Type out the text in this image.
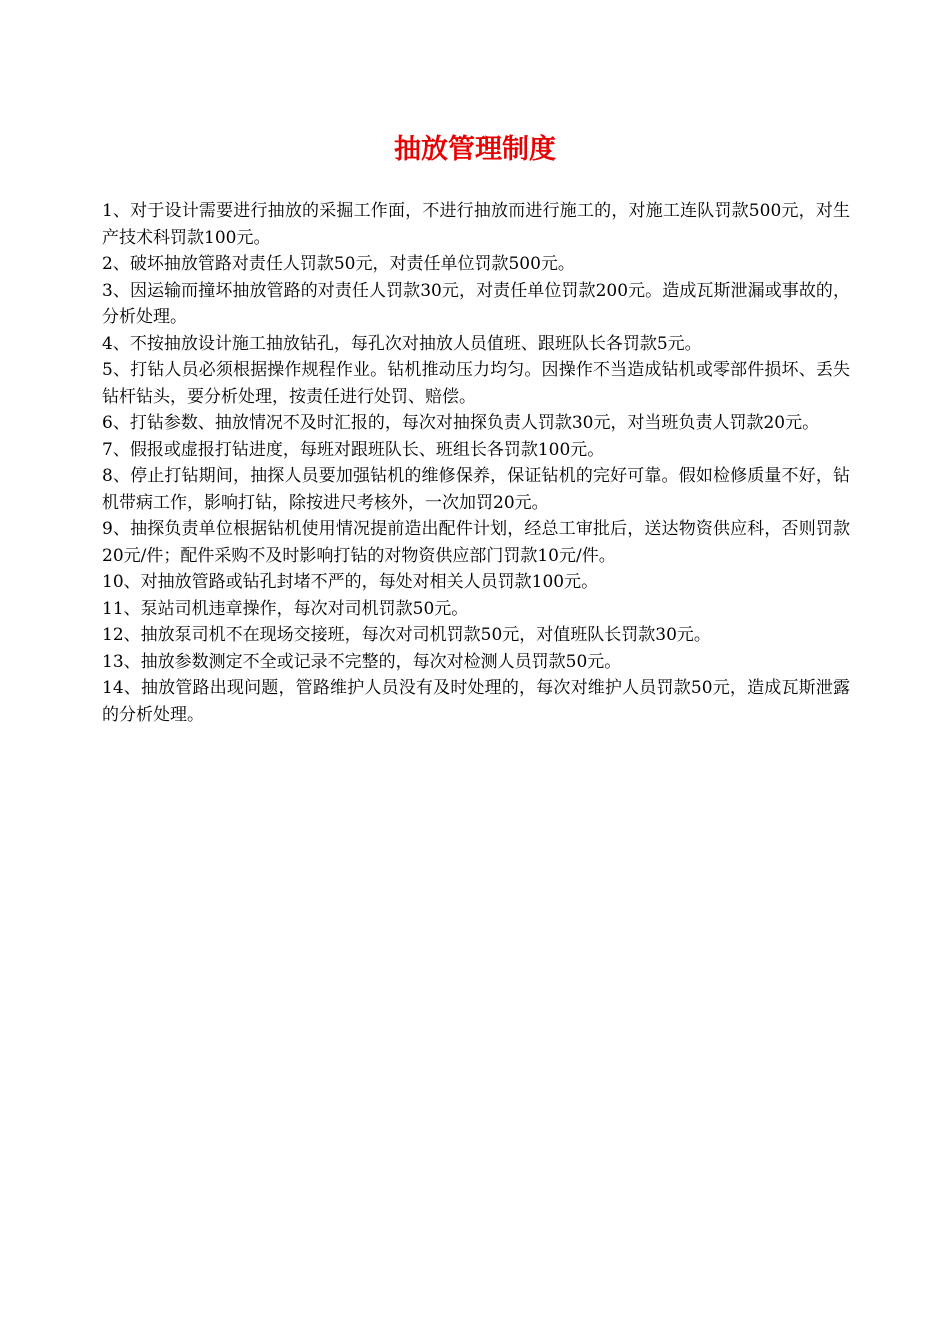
抽放管理制度

1、对于设计需要进行抽放的采掘工作面，不进行抽放而进行施工的，对施工连队罚款500元，对生产技术科罚款100元。

2、破坏抽放管路对责任人罚款50元，对责任单位罚款500元。

3、因运输而撞坏抽放管路的对责任人罚款30元，对责任单位罚款200元。造成瓦斯泄漏或事故的，分析处理。

4、不按抽放设计施工抽放钻孔，每孔次对抽放人员值班、跟班队长各罚款5元。

5、打钻人员必须根据操作规程作业。钻机推动压力均匀。因操作不当造成钻机或零部件损坏、丢失钻杆钻头，要分析处理，按责任进行处罚、赔偿。

6、打钻参数、抽放情况不及时汇报的，每次对抽探负责人罚款30元，对当班负责人罚款20元。

7、假报或虚报打钻进度，每班对跟班队长、班组长各罚款100元。

8、停止打钻期间，抽探人员要加强钻机的维修保养，保证钻机的完好可靠。假如检修质量不好，钻机带病工作，影响打钻，除按进尺考核外，一次加罚20元。

9、抽探负责单位根据钻机使用情况提前造出配件计划，经总工审批后，送达物资供应科，否则罚款20元/件；配件采购不及时影响打钻的对物资供应部门罚款10元/件。

10、对抽放管路或钻孔封堵不严的，每处对相关人员罚款100元。

11、泵站司机违章操作，每次对司机罚款50元。

12、抽放泵司机不在现场交接班，每次对司机罚款50元，对值班队长罚款30元。

13、抽放参数测定不全或记录不完整的，每次对检测人员罚款50元。

14、抽放管路出现问题，管路维护人员没有及时处理的，每次对维护人员罚款50元，造成瓦斯泄露的分析处理。
